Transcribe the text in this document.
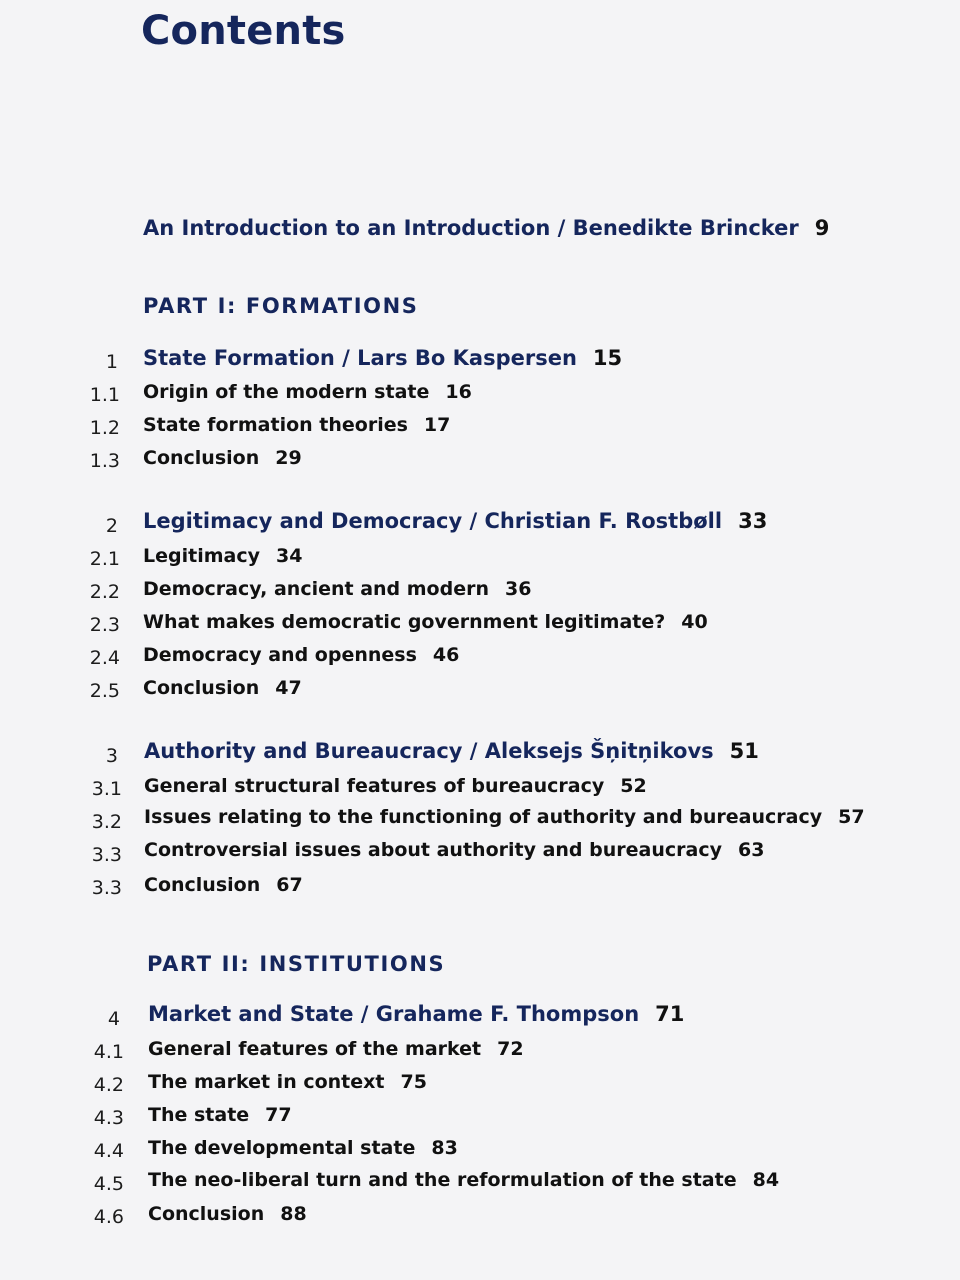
Contents
An Introduction to an Introduction / Benedikte Brincker 9
PART I: FORMATIONS
1 State Formation / Lars Bo Kaspersen 15
1.1 Origin of the modern state 16
1.2 State formation theories 17
1.3 Conclusion 29
2 Legitimacy and Democracy / Christian F. Rostbøll 33
2.1 Legitimacy 34
2.2 Democracy, ancient and modern 36
2.3 What makes democratic government legitimate? 40
2.4 Democracy and openness 46
2.5 Conclusion 47
3 Authority and Bureaucracy / Aleksejs Šņitņikovs 51
3.1 General structural features of bureaucracy 52
3.2 Issues relating to the functioning of authority and bureaucracy 57
3.3 Controversial issues about authority and bureaucracy 63
3.3 Conclusion 67
PART II: INSTITUTIONS
4 Market and State / Grahame F. Thompson 71
4.1 General features of the market 72
4.2 The market in context 75
4.3 The state 77
4.4 The developmental state 83
4.5 The neo-liberal turn and the reformulation of the state 84
4.6 Conclusion 88
